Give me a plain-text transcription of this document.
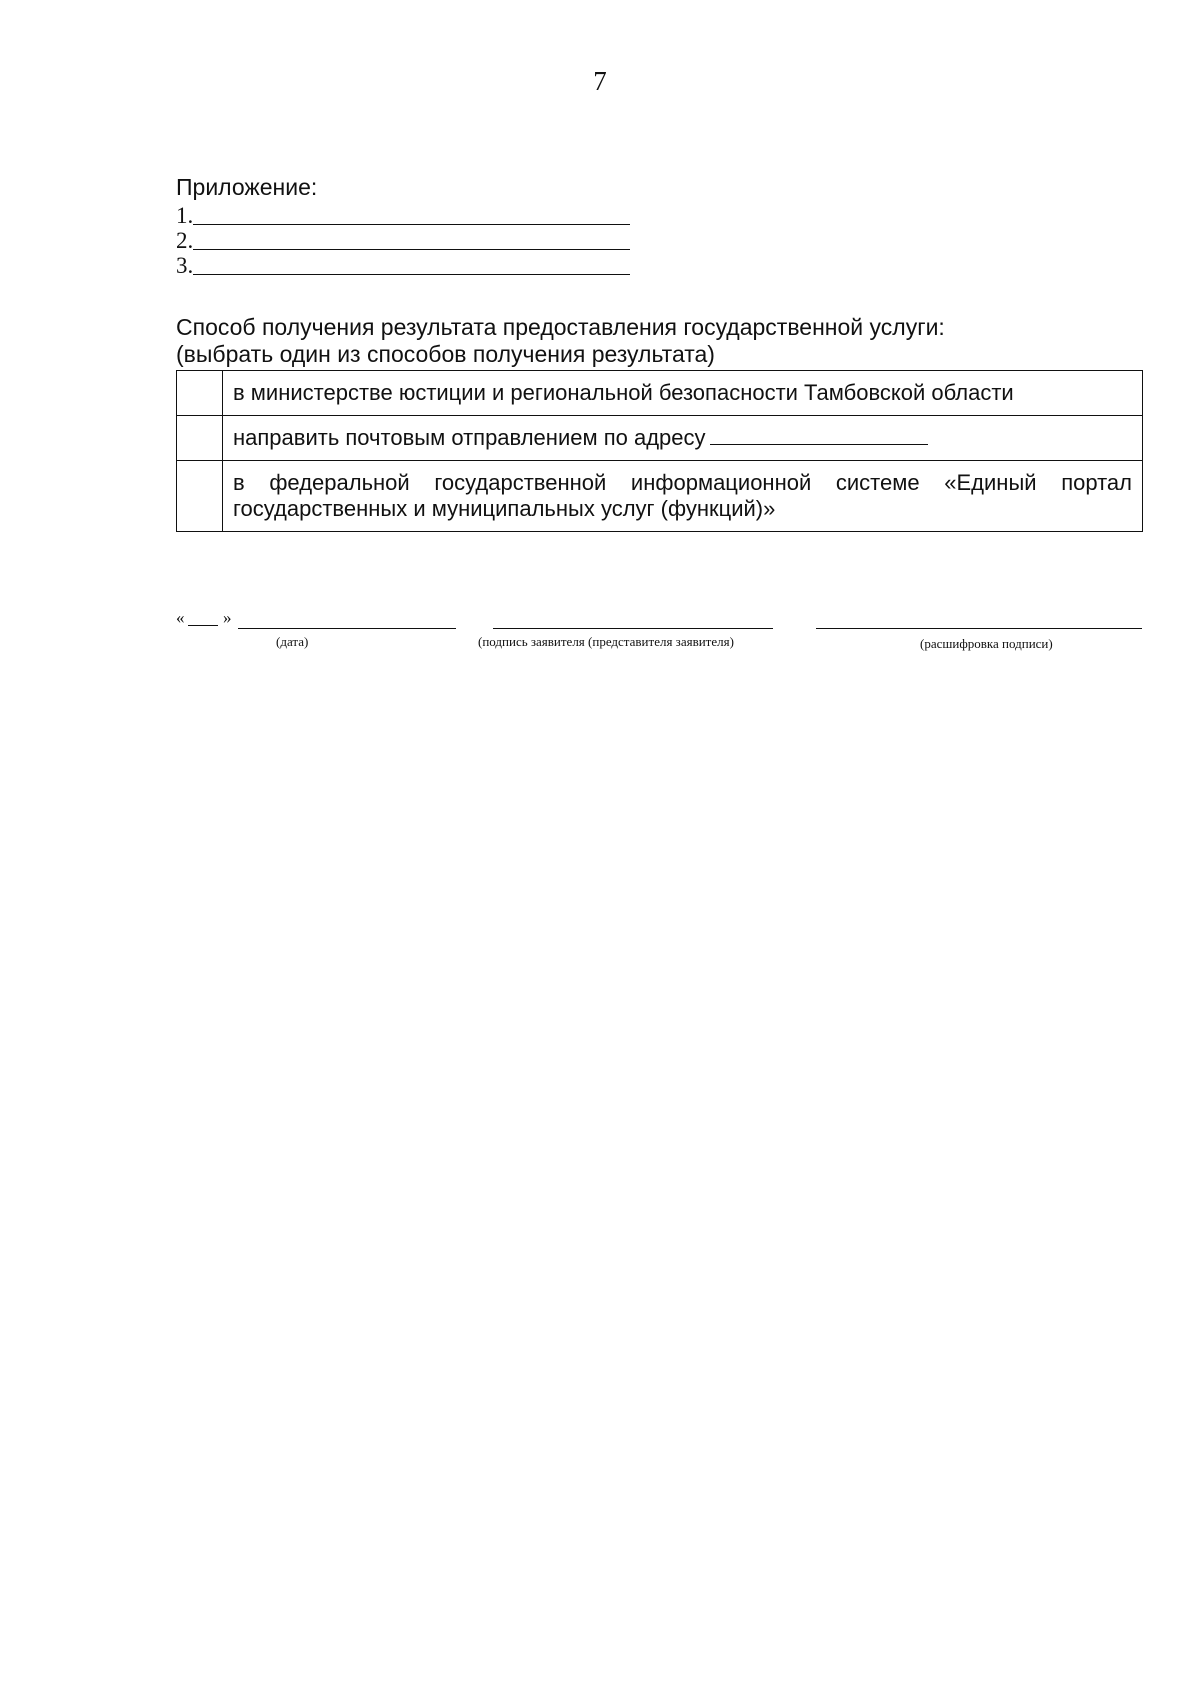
7
Приложение:
1.
2.
3.
Способ получения результата предоставления государственной услуги:
(выбрать один из способов получения результата)

	в министерстве юстиции и региональной безопасности Тамбовской области

	направить почтовым отправлением по адресу

	в федеральной государственной информационной системе «Единый портал
государственных и муниципальных услуг (функций)»
« »
(дата)	(подпись заявителя (представителя заявителя)	(расшифровка подписи)
